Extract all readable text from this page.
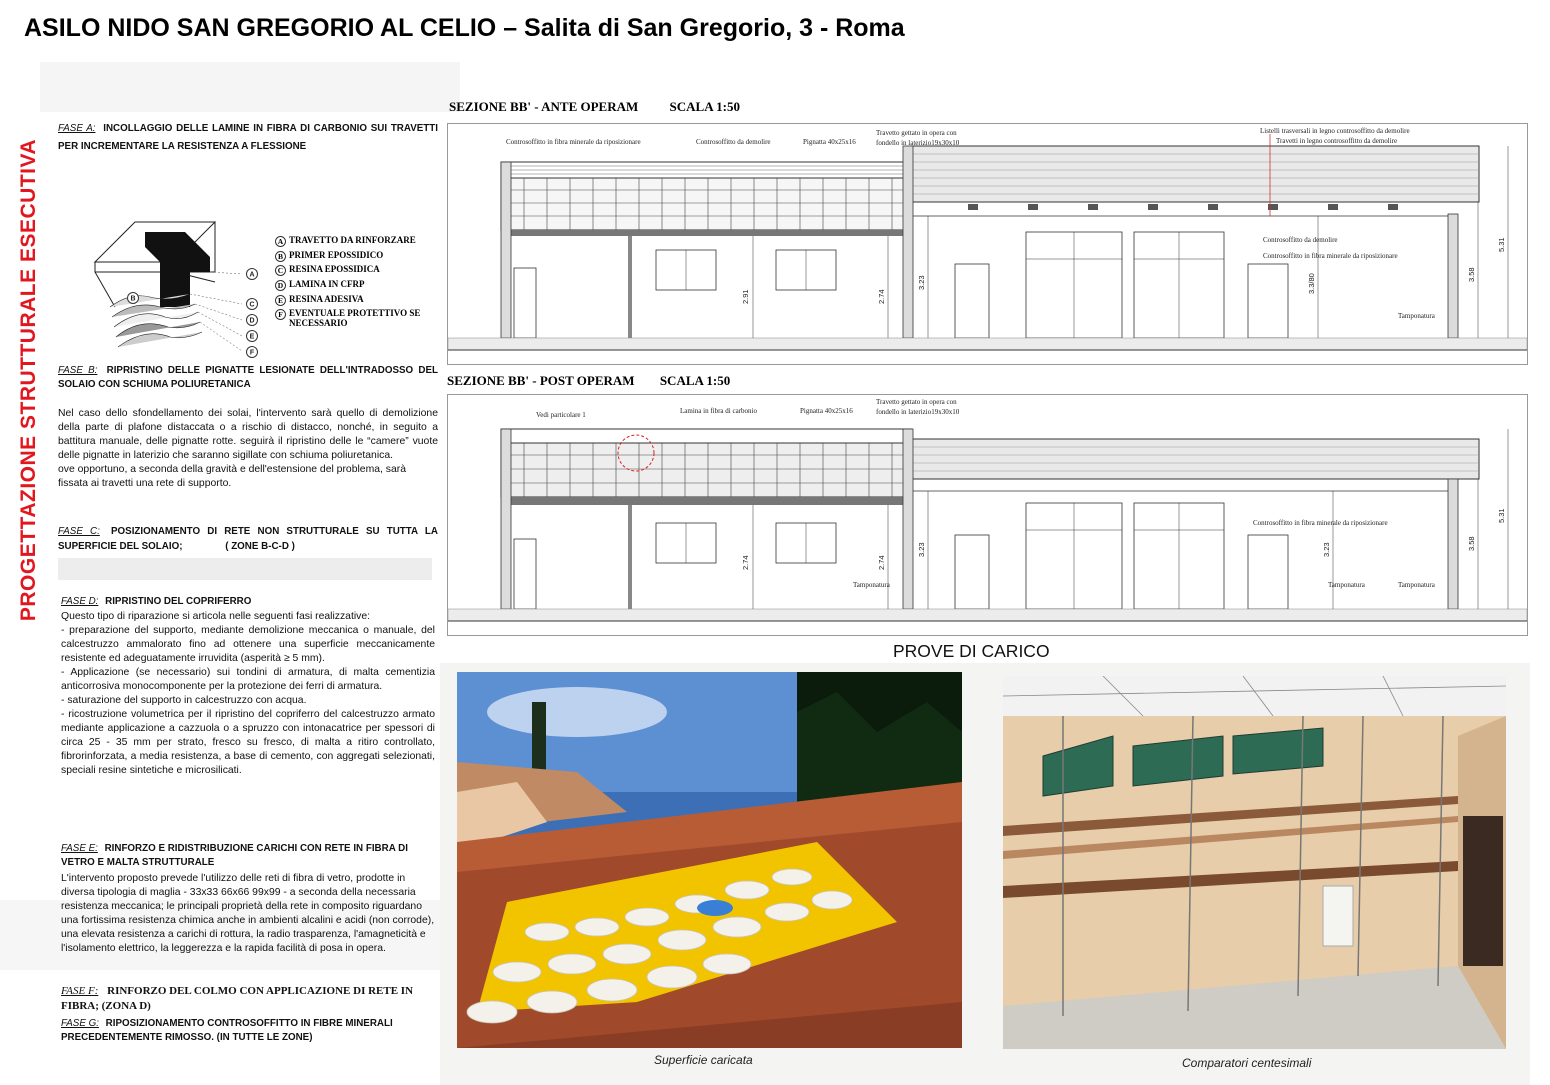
ASILO NIDO SAN GREGORIO AL CELIO – Salita di San Gregorio, 3 - Roma
PROGETTAZIONE STRUTTURALE ESECUTIVA
FASE A: INCOLLAGGIO DELLE LAMINE IN FIBRA DI CARBONIO SUI TRAVETTI PER INCREMENTARE LA RESISTENZA A FLESSIONE
A
B
C
D
E
F
A TRAVETTO DA RINFORZARE
B PRIMER EPOSSIDICO
C RESINA EPOSSIDICA
D LAMINA IN CFRP
E RESINA ADESIVA
F EVENTUALE PROTETTIVO SE NECESSARIO
FASE B: RIPRISTINO DELLE PIGNATTE LESIONATE DELL'INTRADOSSO DEL SOLAIO CON SCHIUMA POLIURETANICA
Nel caso dello sfondellamento dei solai, l'intervento sarà quello di demolizione della parte di plafone distaccata o a rischio di distacco, nonché, in seguito a battitura manuale, delle pignatte rotte. seguirà il ripristino delle le “camere” vuote delle pignatte in laterizio che saranno sigillate con schiuma poliuretanica.
ove opportuno, a seconda della gravità e dell'estensione del problema, sarà fissata ai travetti una rete di supporto.
FASE C: POSIZIONAMENTO DI RETE NON STRUTTURALE SU TUTTA LA SUPERFICIE DEL SOLAIO;	( ZONE B-C-D )
FASE D: RIPRISTINO DEL COPRIFERRO
Questo tipo di riparazione si articola nelle seguenti fasi realizzative:
- preparazione del supporto, mediante demolizione meccanica o manuale, del calcestruzzo ammalorato fino ad ottenere una superficie meccanicamente resistente ed adeguatamente irruvidita (asperità ≥ 5 mm).
- Applicazione (se necessario) sui tondini di armatura, di malta cementizia anticorrosiva monocomponente per la protezione dei ferri di armatura.
- saturazione del supporto in calcestruzzo con acqua.
- ricostruzione volumetrica per il ripristino del copriferro del calcestruzzo armato mediante applicazione a cazzuola o a spruzzo con intonacatrice per spessori di circa 25 - 35 mm per strato, fresco su fresco, di malta a ritiro controllato, fibrorinforzata, a media resistenza, a base di cemento, con aggregati selezionati, speciali resine sintetiche e microsilicati.
FASE E: RINFORZO E RIDISTRIBUZIONE CARICHI CON RETE IN FIBRA DI VETRO E MALTA STRUTTURALE
L'intervento proposto prevede l'utilizzo delle reti di fibra di vetro, prodotte in diversa tipologia di maglia - 33x33 66x66 99x99 - a seconda della necessaria resistenza meccanica; le principali proprietà della rete in composito riguardano una fortissima resistenza chimica anche in ambienti alcalini e acidi (non corrode), una elevata resistenza a carichi di rottura, la radio trasparenza, l'amagneticità e l'isolamento elettrico, la leggerezza e la rapida facilità di posa in opera.
FASE F: RINFORZO DEL COLMO CON APPLICAZIONE DI RETE IN FIBRA; (ZONA D)
FASE G: RIPOSIZIONAMENTO CONTROSOFFITTO IN FIBRE MINERALI PRECEDENTEMENTE RIMOSSO. (IN TUTTE LE ZONE)
SEZIONE BB' - ANTE OPERAM SCALA 1:50
Controsoffitto in fibra minerale da riposizionare	Controsoffitto da demolire	Pignatta 40x25x16
Travetto gettato in opera con
fondello in laterizio19x30x10
Listelli trasversali in legno controsoffitto da demolire
Travetti in legno controsoffitto da demolire
Controsoffitto da demolire
Controsoffitto in fibra minerale da riposizionare
Tamponatura
2.91	2.74
3.23
3.58
5.31
3.3/80
SEZIONE BB' - POST OPERAM SCALA 1:50
Vedi particolare 1	Lamina in fibra di carbonio	Pignatta 40x25x16
Travetto gettato in opera con
fondello in laterizio19x30x10
Controsoffitto in fibra minerale da riposizionare
Tamponatura	Tamponatura	Tamponatura
2.74	2.74
3.23	3.23	3.58
5.31
PROVE DI CARICO
Superficie caricata	Comparatori centesimali
